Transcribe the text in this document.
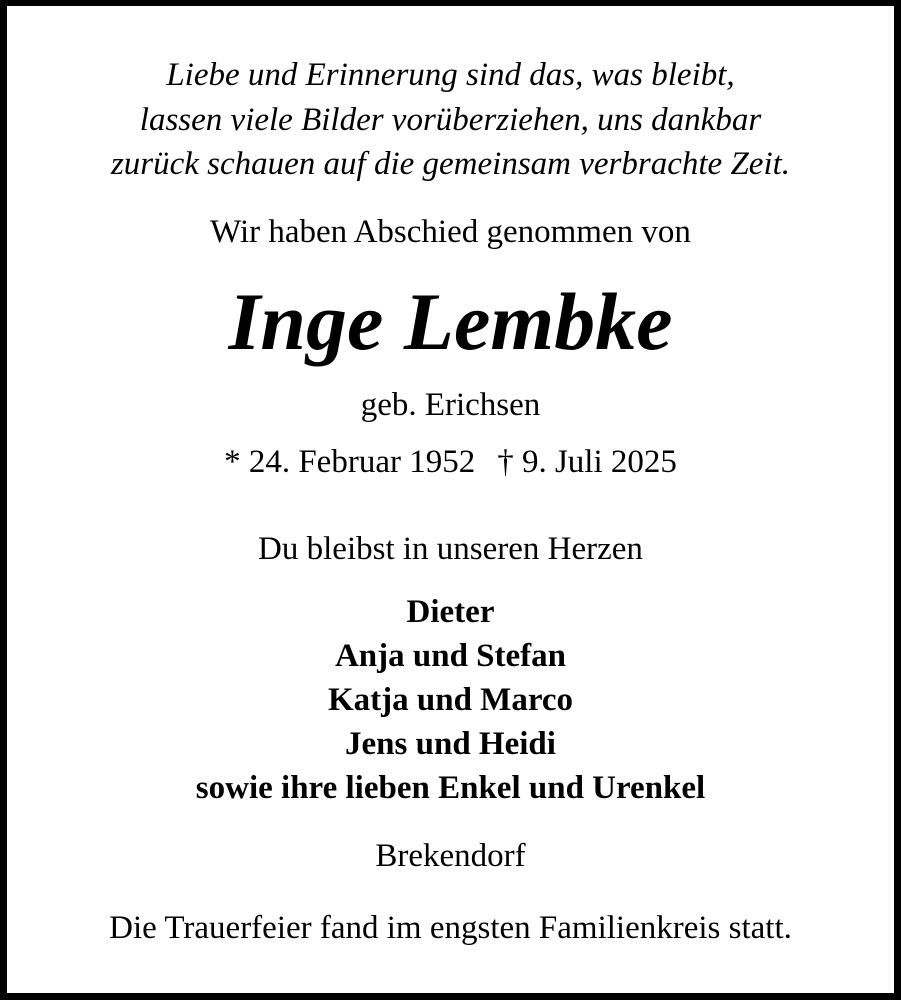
Liebe und Erinnerung sind das, was bleibt,
lassen viele Bilder vorüberziehen, uns dankbar
zurück schauen auf die gemeinsam verbrachte Zeit.
Wir haben Abschied genommen von
Inge Lembke
geb. Erichsen
* 24. Februar 1952 † 9. Juli 2025
Du bleibst in unseren Herzen
Dieter
Anja und Stefan
Katja und Marco
Jens und Heidi
sowie ihre lieben Enkel und Urenkel
Brekendorf
Die Trauerfeier fand im engsten Familienkreis statt.
